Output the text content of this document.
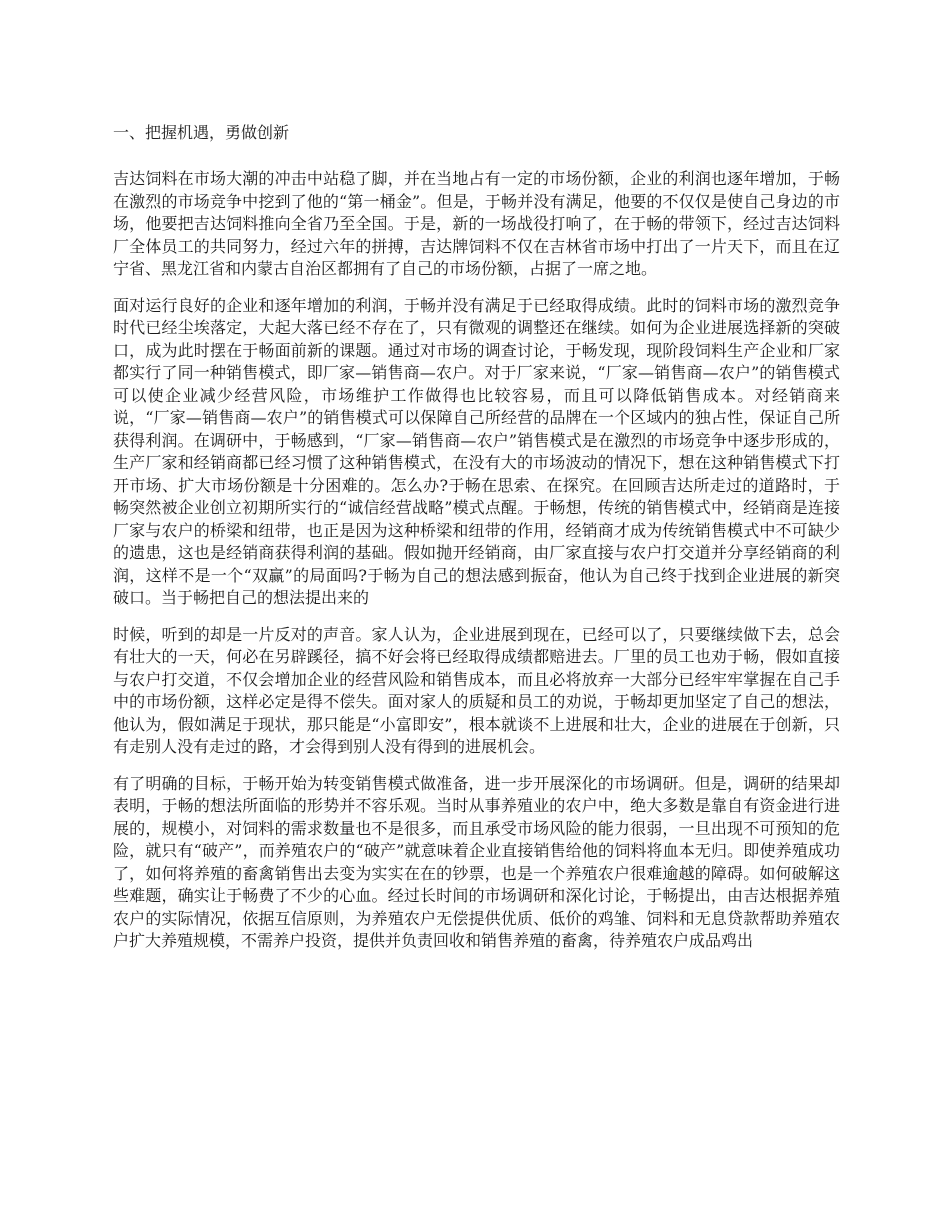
一、把握机遇，勇做创新

吉达饲料在市场大潮的冲击中站稳了脚，并在当地占有一定的市场份额，企业的利润也逐年增加，于畅在激烈的市场竞争中挖到了他的“第一桶金”。但是，于畅并没有满足，他要的不仅仅是使自己身边的市场，他要把吉达饲料推向全省乃至全国。于是，新的一场战役打响了，在于畅的带领下，经过吉达饲料厂全体员工的共同努力，经过六年的拼搏，吉达牌饲料不仅在吉林省市场中打出了一片天下，而且在辽宁省、黑龙江省和内蒙古自治区都拥有了自己的市场份额，占据了一席之地。

面对运行良好的企业和逐年增加的利润，于畅并没有满足于已经取得成绩。此时的饲料市场的激烈竞争时代已经尘埃落定，大起大落已经不存在了，只有微观的调整还在继续。如何为企业进展选择新的突破口，成为此时摆在于畅面前新的课题。通过对市场的调查讨论，于畅发现，现阶段饲料生产企业和厂家都实行了同一种销售模式，即厂家—销售商—农户。对于厂家来说，“厂家—销售商—农户”的销售模式可以使企业减少经营风险，市场维护工作做得也比较容易，而且可以降低销售成本。对经销商来说，“厂家—销售商—农户”的销售模式可以保障自己所经营的品牌在一个区域内的独占性，保证自己所获得利润。在调研中，于畅感到，“厂家—销售商—农户”销售模式是在激烈的市场竞争中逐步形成的，生产厂家和经销商都已经习惯了这种销售模式，在没有大的市场波动的情况下，想在这种销售模式下打开市场、扩大市场份额是十分困难的。怎么办?于畅在思索、在探究。在回顾吉达所走过的道路时，于畅突然被企业创立初期所实行的“诚信经营战略”模式点醒。于畅想，传统的销售模式中，经销商是连接厂家与农户的桥梁和纽带，也正是因为这种桥梁和纽带的作用，经销商才成为传统销售模式中不可缺少的遗患，这也是经销商获得利润的基础。假如抛开经销商，由厂家直接与农户打交道并分享经销商的利润，这样不是一个“双赢”的局面吗?于畅为自己的想法感到振奋，他认为自己终于找到企业进展的新突破口。当于畅把自己的想法提出来的

时候，听到的却是一片反对的声音。家人认为，企业进展到现在，已经可以了，只要继续做下去，总会有壮大的一天，何必在另辟蹊径，搞不好会将已经取得成绩都赔进去。厂里的员工也劝于畅，假如直接与农户打交道，不仅会增加企业的经营风险和销售成本，而且必将放弃一大部分已经牢牢掌握在自己手中的市场份额，这样必定是得不偿失。面对家人的质疑和员工的劝说，于畅却更加坚定了自己的想法，他认为，假如满足于现状，那只能是“小富即安”，根本就谈不上进展和壮大，企业的进展在于创新，只有走别人没有走过的路，才会得到别人没有得到的进展机会。

有了明确的目标，于畅开始为转变销售模式做准备，进一步开展深化的市场调研。但是，调研的结果却表明，于畅的想法所面临的形势并不容乐观。当时从事养殖业的农户中，绝大多数是靠自有资金进行进展的，规模小，对饲料的需求数量也不是很多，而且承受市场风险的能力很弱，一旦出现不可预知的危险，就只有“破产”，而养殖农户的“破产”就意味着企业直接销售给他的饲料将血本无归。即使养殖成功了，如何将养殖的畜禽销售出去变为实实在在的钞票，也是一个养殖农户很难逾越的障碍。如何破解这些难题，确实让于畅费了不少的心血。经过长时间的市场调研和深化讨论，于畅提出，由吉达根据养殖农户的实际情况，依据互信原则，为养殖农户无偿提供优质、低价的鸡雏、饲料和无息贷款帮助养殖农户扩大养殖规模，不需养户投资，提供并负责回收和销售养殖的畜禽，待养殖农户成品鸡出
